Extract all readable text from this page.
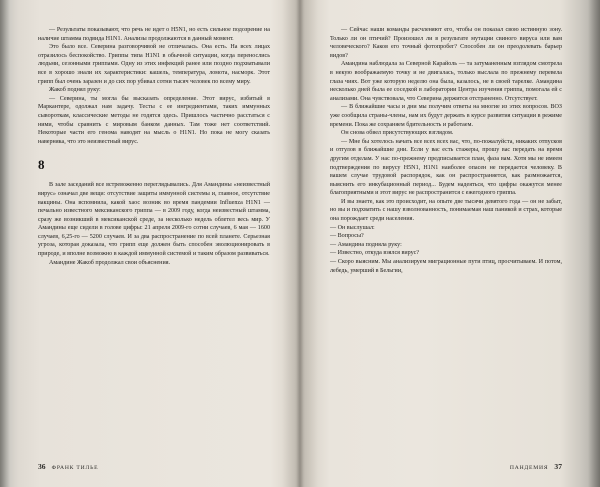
— Результаты показывают, что речь не идет о H5N1, но есть сильное подозрение на наличие штамма подвида H1N1. Анализы продолжаются в данный момент.

Это было все. Северина разговорчивой не отличалась. Она есть. На всех лицах отразилось беспокойство. Гриппы типа H1N1 в обычной ситуации, когда перенослись людьми, сезонными гриппами. Одну из этих инфекций ранее или поздно подхватывали все в хорошо знали их характеристики: кашель, температура, ломота, насморк. Этот грипп был очень заразен и до сих пор убивал сотни тысяч человек по всему миру.

Жакоб поднял руку:

— Северина, ты могла бы высказать определение. Этот вирус, избитый в Маркантере, одолжал нам задачу. Тесты с ее ингредиентами, таких иммунных сывороткам, классические методы не годятся здесь. Пришлось частично расстаться с ними, чтобы сравнить с мировым банком данных. Там тоже нет соответствий. Некоторые части его генома наводят на мысль о H1N1. Но пока не могу сказать наверняка, что это неизвестный вирус.

8

В зале заседаний все встревоженно переглядывались. Для Амандины «неизвестный вирус» означал две вещи: отсутствие защиты иммунной системы и, главное, отсутствие вакцины. Она вспомнила, какой хаос возник во время пандемии Influenza H1N1 — печально известного мексиканского гриппа — в 2009 году, когда неизвестный штамма, сразу же возникший в мексиканской среде, за несколько недель облетел весь мир. У Амандины еще сидели в голове цифры: 21 апреля 2009-го сотни случаев, 6 мая — 1600 случаев, 6,25-го — 5200 случаев. И за два распространение по всей планете. Серьезная угроза, которая доказала, что грипп еще должен быть способен эволюционировать в природе, и вполне возможно в каждой иммунной системой и таким образом развиваться.

Амандине Жакоб продолжал свои объяснения.

36 ФРАНК ТИЛЬЕ

— Сейчас наши команды расчленяют его, чтобы он показал свою истинную зону. Только ли он птичий? Произошел ли в результате мутации свиного вируса или вам человеческого? Каков его точный фотопробег? Способен ли он преодолевать барьер видов?

Амандина наблюдала за Северной Карайоль — та затуманенным взглядом смотрела в некую воображаемую точку и не двигалась, только выслала по прежнему перевела глаза чиях. Вот уже которую неделю она была, казалось, не в своей тарелке. Амандина несколько дней была ее соседкой в лаборатории Центра изучения гриппа, помогала ей с анализами. Она чувствовала, что Северина держится отстраненно. Отсутствует.

— В ближайшие часы и дни мы получим ответы на многие из этих вопросов. ВОЗ уже сообщила страны-члены, нам их будут держать в курсе развития ситуации в режиме времени. Пока же сохраняем бдительность и работаем.

Он снова обвел присутствующих взглядом.

— Мне бы хотелось начать все всех всех вас, что, по-пожалуйста, никаких отпусков и отгулов в ближайшие дни. Если у вас есть стажеры, прошу вас передать на время другим отделам. У нас по-прежнему предписывается план, фаза вам. Хотя мы не имеем подтверждения по вирусу H5N1, H1N1 наиболее опасен не передается человеку. В вашем случае трудовой распорядок, как он распространяется, как размножается, выяснить его инкубационный период... Будем надеяться, что цифры окажутся менее благоприятными и этот вирус не распространится с ежегодного гриппа.

И вы знаете, как это происходит, на опыте две тысячи девятого года — он не забыт, но вы и подхватить с нашу взволнованность, понимаемая наш паникой и страх, которые она порождает среди населения.

— Он выслушал:

— Вопросы?

— Амандина подняла руку:

— Известно, откуда взялся вирус?

— Скоро выясним. Мы анализируем миграционные пути птиц, просчитываем. И потом, лебедь, умерший в Бельгии,

ПАНДЕМИЯ 37
